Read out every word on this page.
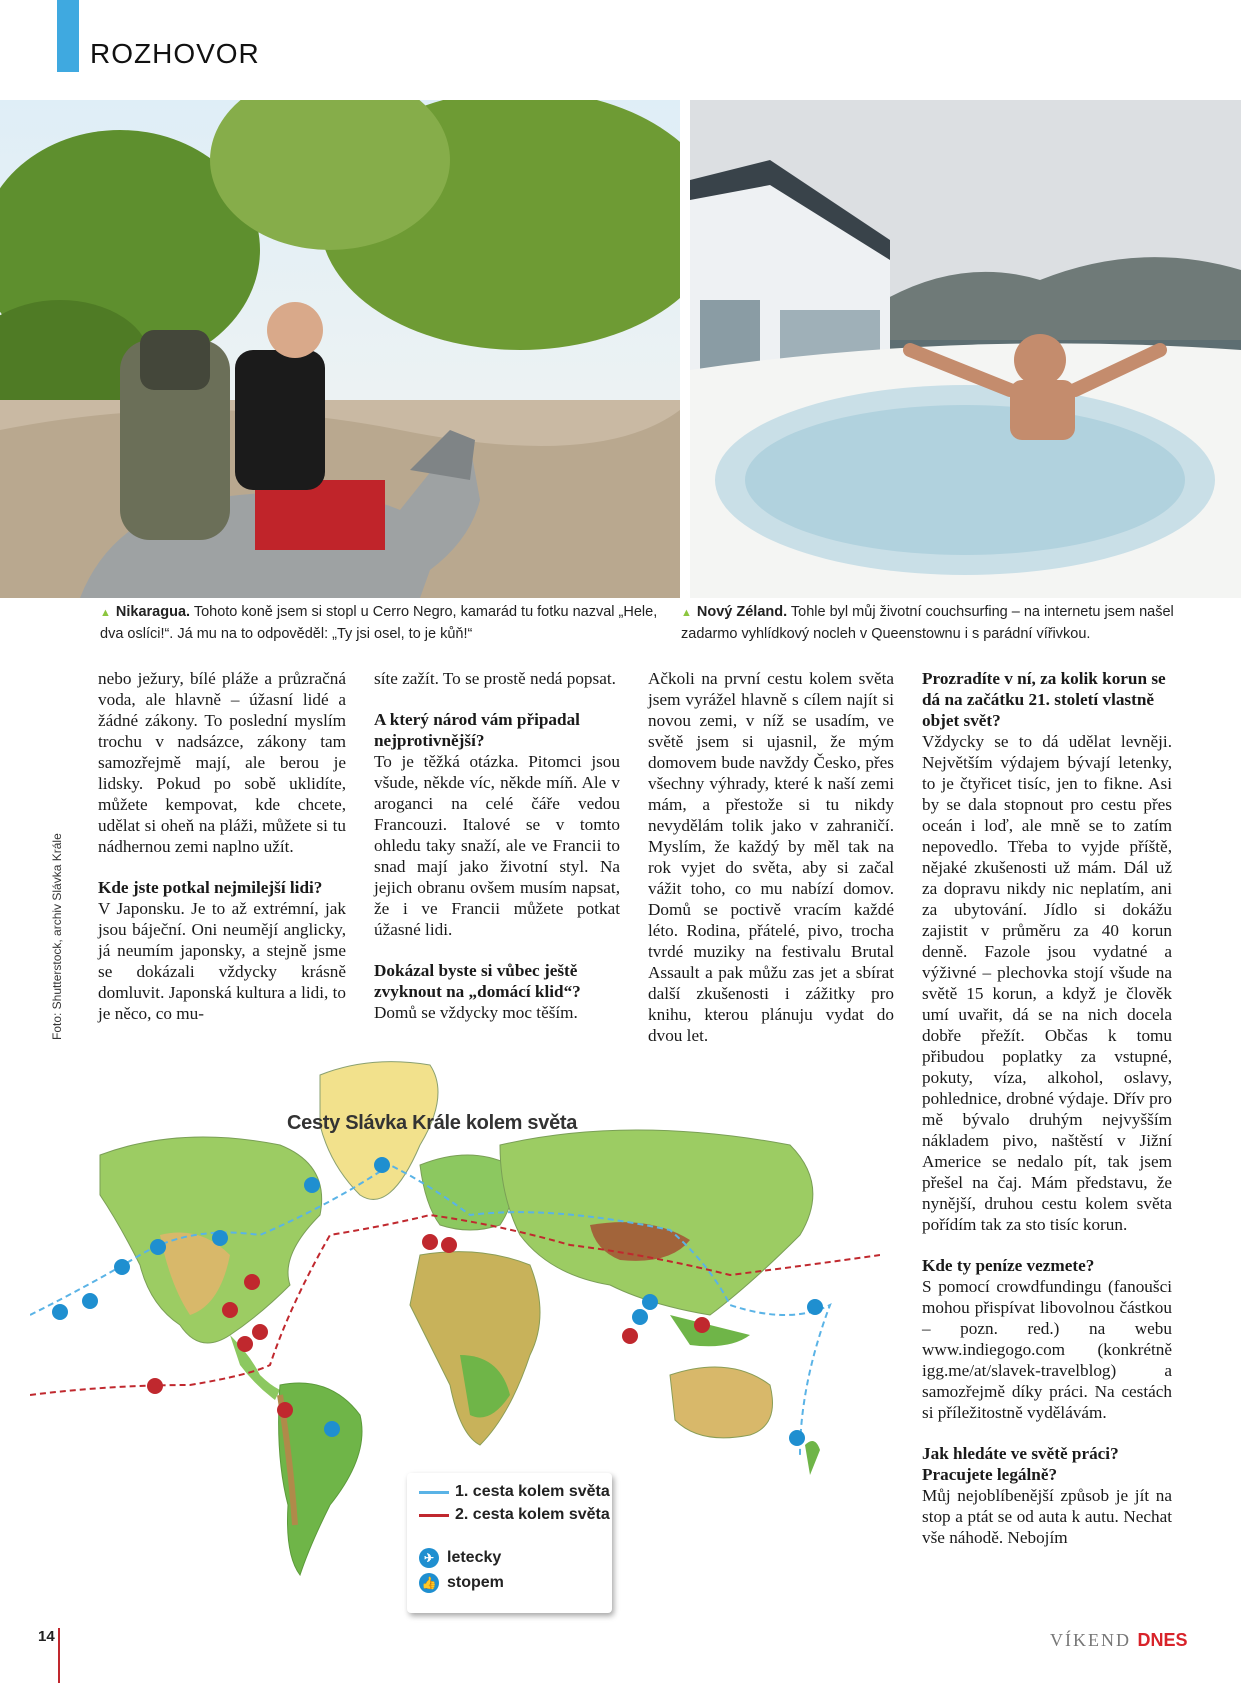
ROZHOVOR
▲ Nikaragua. Tohoto koně jsem si stopl u Cerro Negro, kamarád tu fotku nazval „Hele, dva oslíci!“. Já mu na to odpověděl: „Ty jsi osel, to je kůň!“
▲ Nový Zéland. Tohle byl můj životní couchsurfing – na internetu jsem našel zadarmo vyhlídkový nocleh v Queenstownu i s parádní vířivkou.
Foto: Shutterstock, archiv Slávka Krále

nebo ježury, bílé pláže a průzračná voda, ale hlavně – úžasní lidé a žádné zákony. To poslední myslím trochu v nadsázce, zákony tam samozřejmě mají, ale berou je lidsky. Pokud po sobě uklidíte, můžete kempovat, kde chcete, udělat si oheň na pláži, můžete si tu nádhernou zemi naplno užít.

Kde jste potkal nejmilejší lidi?

V Japonsku. Je to až extrémní, jak jsou báječní. Oni neumějí anglicky, já neumím japonsky, a stejně jsme se dokázali vždycky krásně domluvit. Japonská kultura a lidi, to je něco, co mu-

síte zažít. To se prostě nedá popsat.

A který národ vám připadal nejprotivnější?

To je těžká otázka. Pitomci jsou všude, někde víc, někde míň. Ale v aroganci na celé čáře vedou Francouzi. Italové se v tomto ohledu taky snaží, ale ve Francii to snad mají jako životní styl. Na jejich obranu ovšem musím napsat, že i ve Francii můžete potkat úžasné lidi.

Dokázal byste si vůbec ještě zvyknout na „domácí klid“?

Domů se vždycky moc těším.

Ačkoli na první cestu kolem světa jsem vyrážel hlavně s cílem najít si novou zemi, v níž se usadím, ve světě jsem si ujasnil, že mým domovem bude navždy Česko, přes všechny výhrady, které k naší zemi mám, a přestože si tu nikdy nevydělám tolik jako v zahraničí. Myslím, že každý by měl tak na rok vyjet do světa, aby si začal vážit toho, co mu nabízí domov. Domů se poctivě vracím každé léto. Rodina, přátelé, pivo, trocha tvrdé muziky na festivalu Brutal Assault a pak můžu zas jet a sbírat další zkušenosti i zážitky pro knihu, kterou plánuju vydat do dvou let.

Prozradíte v ní, za kolik korun se dá na začátku 21. století vlastně objet svět?

Vždycky se to dá udělat levněji. Největším výdajem bývají letenky, to je čtyřicet tisíc, jen to fikne. Asi by se dala stopnout pro cestu přes oceán i loď, ale mně se to zatím nepovedlo. Třeba to vyjde příště, nějaké zkušenosti už mám. Dál už za dopravu nikdy nic neplatím, ani za ubytování. Jídlo si dokážu zajistit v průměru za 40 korun denně. Fazole jsou vydatné a výživné – plechovka stojí všude na světě 15 korun, a když je člověk umí uvařit, dá se na nich docela dobře přežít. Občas k tomu přibudou poplatky za vstupné, pokuty, víza, alkohol, oslavy, pohlednice, drobné výdaje. Dřív pro mě bývalo druhým nejvyšším nákladem pivo, naštěstí v Jižní Americe se nedalo pít, tak jsem přešel na čaj. Mám představu, že nynější, druhou cestu kolem světa pořídím tak za sto tisíc korun.

Kde ty peníze vezmete?

S pomocí crowdfundingu (fanoušci mohou přispívat libovolnou částkou – pozn. red.) na webu www.indiegogo.com (konkrétně igg.me/at/slavek-travelblog) a samozřejmě díky práci. Na cestách si příležitostně vydělávám.

Jak hledáte ve světě práci? Pracujete legálně?

Můj nejoblíbenější způsob je jít na stop a ptát se od auta k autu. Nechat vše náhodě. Nebojím

Cesty Slávka Krále kolem světa
1. cesta kolem světa
2. cesta kolem světa
✈ letecky
👍 stopem
14	VÍKEND DNES
